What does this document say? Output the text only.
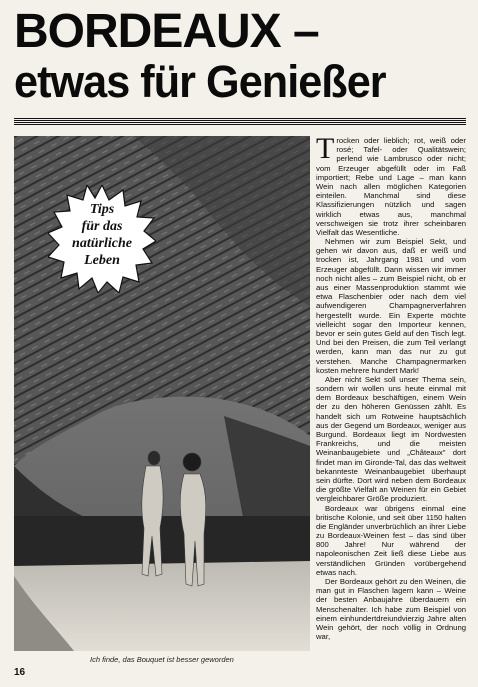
BORDEAUX –
etwas für Genießer
Tips
für das
natürliche
Leben
Ich finde, das Bouquet ist besser geworden
16

Trocken oder lieblich; rot, weiß oder rosé; Tafel- oder Qualitätswein; perlend wie Lambrusco oder nicht; vom Erzeuger abgefüllt oder im Faß importiert; Rebe und Lage – man kann Wein nach allen möglichen Kategorien einteilen. Manchmal sind diese Klassifizierungen nützlich und sagen wirklich etwas aus, manchmal verschweigen sie trotz ihrer scheinbaren Vielfalt das Wesentliche.

Nehmen wir zum Beispiel Sekt, und gehen wir davon aus, daß er weiß und trocken ist, Jahrgang 1981 und vom Erzeuger abgefüllt. Dann wissen wir immer noch nicht alles – zum Beispiel nicht, ob er aus einer Massenproduktion stammt wie etwa Flaschenbier oder nach dem viel aufwendigeren Champagnerverfahren hergestellt wurde. Ein Experte möchte vielleicht sogar den Importeur kennen, bevor er sein gutes Geld auf den Tisch legt. Und bei den Preisen, die zum Teil verlangt werden, kann man das nur zu gut verstehen. Manche Champagnermarken kosten mehrere hundert Mark!

Aber nicht Sekt soll unser Thema sein, sondern wir wollen uns heute einmal mit dem Bordeaux beschäftigen, einem Wein der zu den höheren Genüssen zählt. Es handelt sich um Rotweine hauptsächlich aus der Gegend um Bordeaux, weniger aus Burgund. Bordeaux liegt im Nordwesten Frankreichs, und die meisten Weinanbaugebiete und „Châteaux" dort findet man im Gironde-Tal, das das weltweit bekannteste Weinanbaugebiet überhaupt sein dürfte. Dort wird neben dem Bordeaux die größte Vielfalt an Weinen für ein Gebiet vergleichbarer Größe produziert.

Bordeaux war übrigens einmal eine britische Kolonie, und seit über 1150 halten die Engländer unverbrüchlich an ihrer Liebe zu Bordeaux-Weinen fest – das sind über 800 Jahre! Nur während der napoleonischen Zeit ließ diese Liebe aus verständlichen Gründen vorübergehend etwas nach.

Der Bordeaux gehört zu den Weinen, die man gut in Flaschen lagern kann – Weine der besten Anbaujahre überdauern ein Menschenalter. Ich habe zum Beispiel von einem einhundertdreiundvierzig Jahre alten Wein gehört, der noch völlig in Ordnung war,
